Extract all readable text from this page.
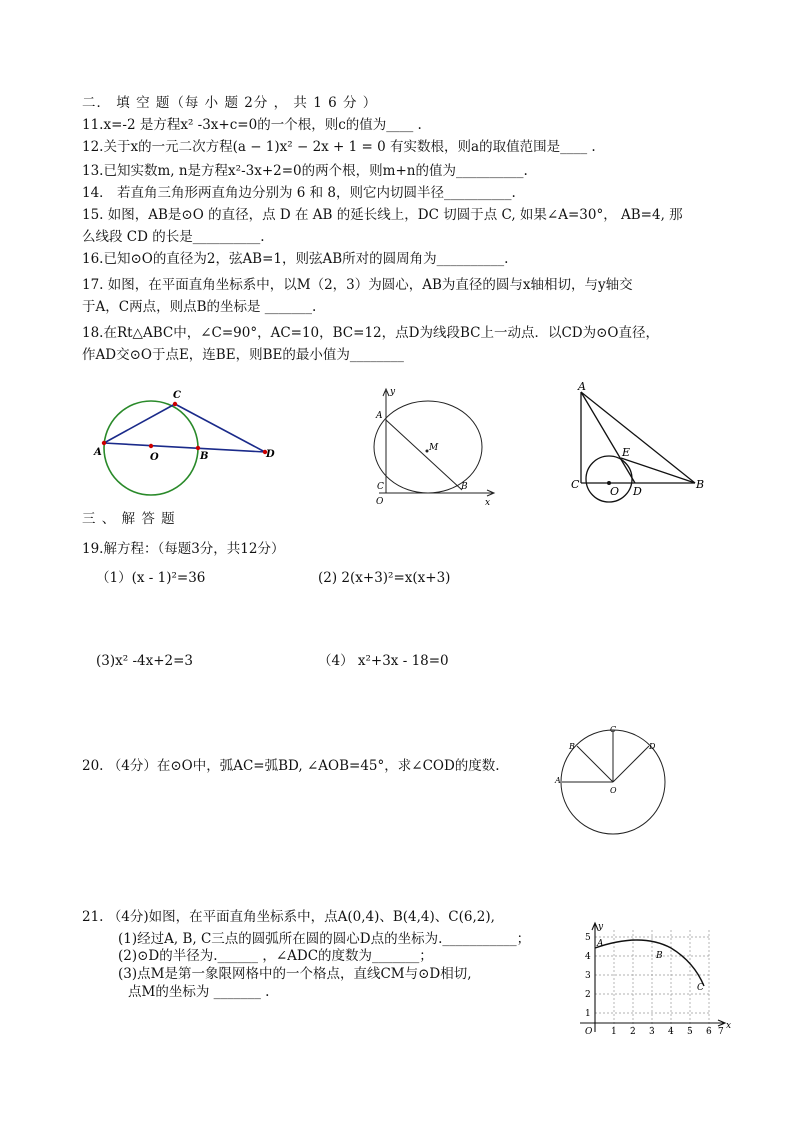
二． 填 空 题（每 小 题 2分 ， 共 1 6 分 ）
11.x=-2 是方程x² -3x+c=0的一个根，则c的值为____ .
12.关于x的一元二次方程(a − 1)x² − 2x + 1 = 0 有实数根，则a的取值范围是____ .
13.已知实数m, n是方程x²-3x+2=0的两个根，则m+n的值为__________.
14． 若直角三角形两直角边分别为 6 和 8，则它内切圆半径__________.
15. 如图，AB是⊙O 的直径，点 D 在 AB 的延长线上，DC 切圆于点 C, 如果∠A=30°， AB=4, 那
么线段 CD 的长是__________.
16.已知⊙O的直径为2，弦AB=1，则弦AB所对的圆周角为__________.
17. 如图，在平面直角坐标系中，以M（2，3）为圆心，AB为直径的圆与x轴相切，与y轴交
于A，C两点，则点B的坐标是 _______.
18.在Rt△ABC中，∠C=90°，AC=10，BC=12，点D为线段BC上一动点．以CD为⊙O直径，
作AD交⊙O于点E，连BE，则BE的最小值为________
C
A	O	B	D
y
A
M
B
C
O	x
A
E
C
O D
B
三 、 解 答 题
19.解方程：（每题3分，共12分）
（1）(x - 1)²=36	(2) 2(x+3)²=x(x+3)
(3)x² -4x+2=3	（4） x²+3x - 18=0
20. （4分）在⊙O中，弧AC=弧BD, ∠AOB=45°，求∠COD的度数.
B
C
D
A
O
21. （4分)如图，在平面直角坐标系中，点A(0,4)、B(4,4)、C(6,2),
(1)经过A, B, C三点的圆弧所在圆的圆心D点的坐标为.___________；
(2)⊙D的半径为.______ ，∠ADC的度数为_______；
(3)点M是第一象限网格中的一个格点，直线CM与⊙D相切,
点M的坐标为 _______ .
y
x
O
A
B
C
1 2 3 4 5 6 7
1
2
3
4
5
